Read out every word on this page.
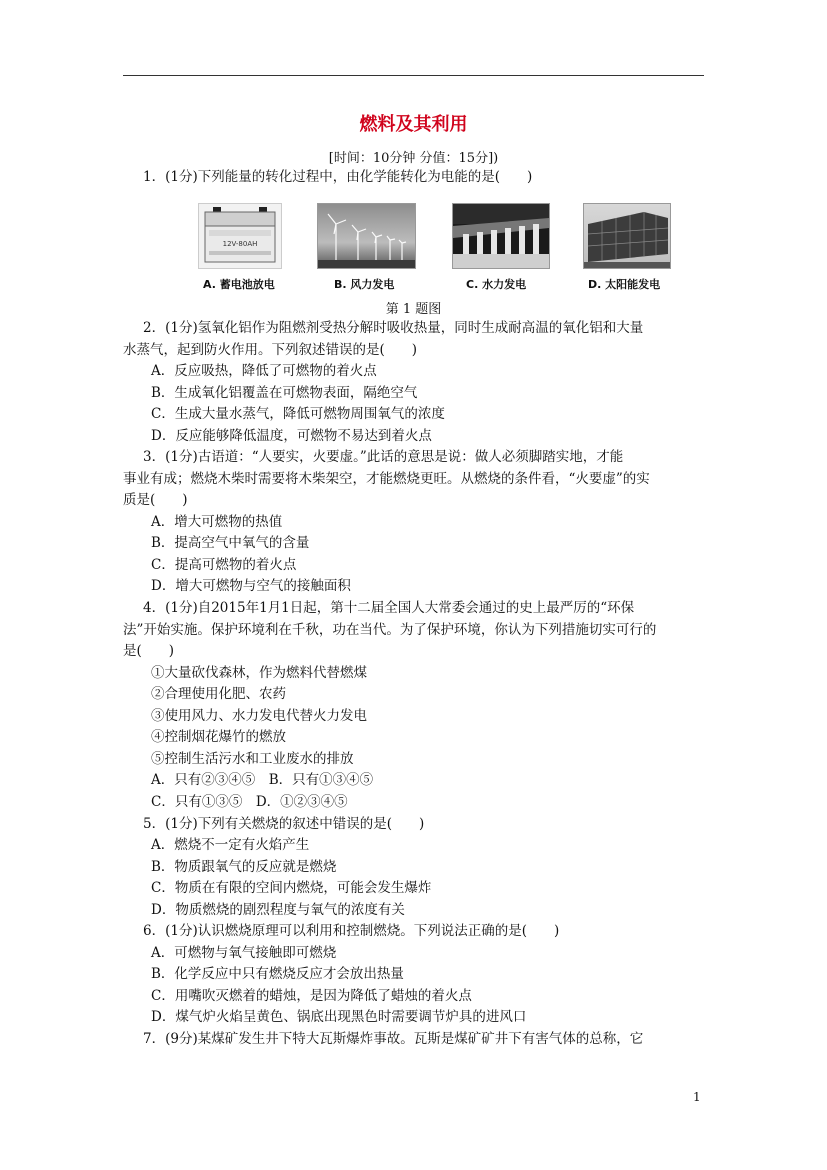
燃料及其利用
[时间：10分钟 分值：15分])
1．(1分)下列能量的转化过程中，由化学能转化为电能的是(　　)
12V-80AH
A. 蓄电池放电	B. 风力发电	C. 水力发电	D. 太阳能发电
第 1 题图
2．(1分)氢氧化铝作为阻燃剂受热分解时吸收热量，同时生成耐高温的氧化铝和大量
水蒸气，起到防火作用。下列叙述错误的是(　　)
A．反应吸热，降低了可燃物的着火点
B．生成氧化铝覆盖在可燃物表面，隔绝空气
C．生成大量水蒸气，降低可燃物周围氧气的浓度
D．反应能够降低温度，可燃物不易达到着火点
3．(1分)古语道：“人要实，火要虚。”此话的意思是说：做人必须脚踏实地，才能
事业有成；燃烧木柴时需要将木柴架空，才能燃烧更旺。从燃烧的条件看，“火要虚”的实
质是(　　)
A．增大可燃物的热值
B．提高空气中氧气的含量
C．提高可燃物的着火点
D．增大可燃物与空气的接触面积
4．(1分)自2015年1月1日起，第十二届全国人大常委会通过的史上最严厉的“环保
法”开始实施。保护环境利在千秋，功在当代。为了保护环境，你认为下列措施切实可行的
是(　　)
①大量砍伐森林，作为燃料代替燃煤
②合理使用化肥、农药
③使用风力、水力发电代替火力发电
④控制烟花爆竹的燃放
⑤控制生活污水和工业废水的排放
A．只有②③④⑤　B．只有①③④⑤
C．只有①③⑤　D．①②③④⑤
5．(1分)下列有关燃烧的叙述中错误的是(　　)
A．燃烧不一定有火焰产生
B．物质跟氧气的反应就是燃烧
C．物质在有限的空间内燃烧，可能会发生爆炸
D．物质燃烧的剧烈程度与氧气的浓度有关
6．(1分)认识燃烧原理可以利用和控制燃烧。下列说法正确的是(　　)
A．可燃物与氧气接触即可燃烧
B．化学反应中只有燃烧反应才会放出热量
C．用嘴吹灭燃着的蜡烛，是因为降低了蜡烛的着火点
D．煤气炉火焰呈黄色、锅底出现黑色时需要调节炉具的进风口
7．(9分)某煤矿发生井下特大瓦斯爆炸事故。瓦斯是煤矿矿井下有害气体的总称，它
1
